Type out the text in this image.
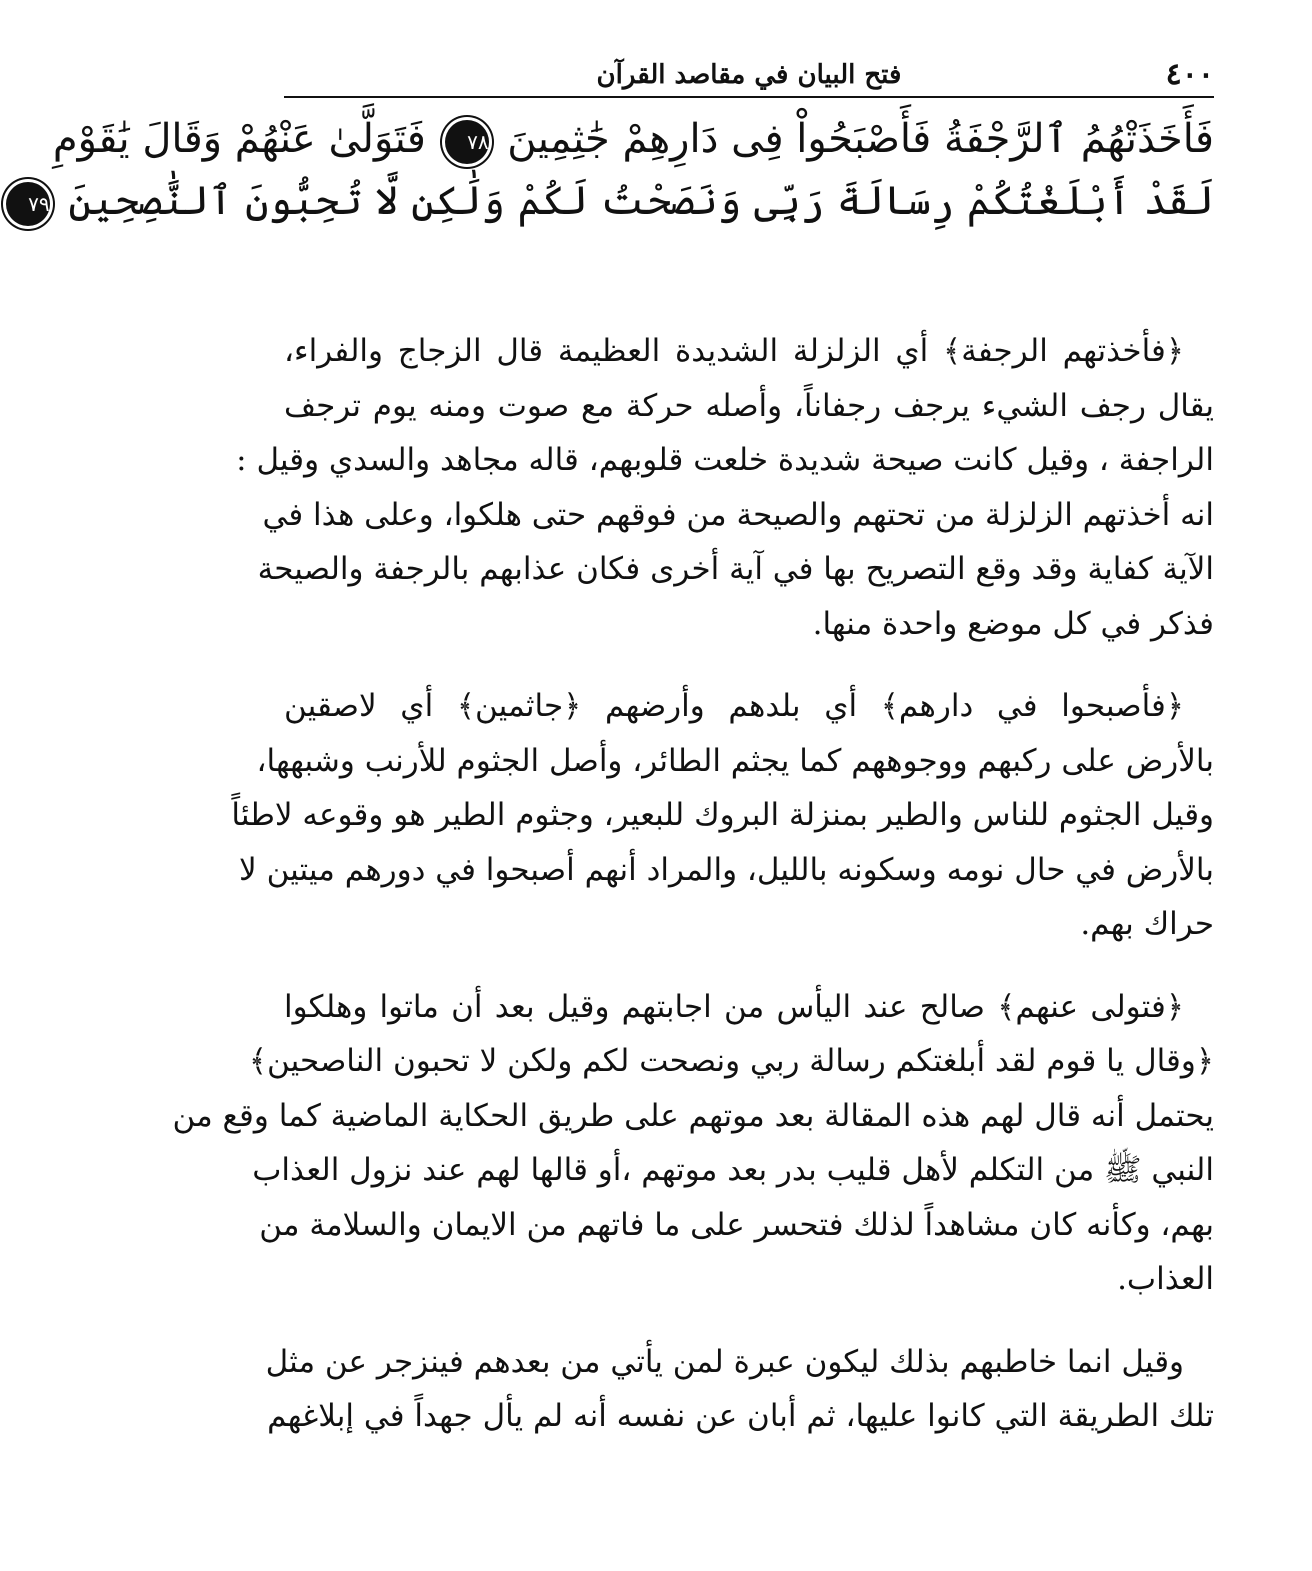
٤٠٠
فتح البيان في مقاصد القرآن
فَأَخَذَتْهُمُ ٱلرَّجْفَةُ فَأَصْبَحُواْ فِى دَارِهِمْ جَٰثِمِينَ ٧٨ فَتَوَلَّىٰ عَنْهُمْ وَقَالَ يَٰقَوْمِ
لَقَدْ أَبْلَغْتُكُمْ رِسَالَةَ رَبِّى وَنَصَحْتُ لَكُمْ وَلَٰكِن لَّا تُحِبُّونَ ٱلنَّٰصِحِينَ ٧٩
﴿فأخذتهم الرجفة﴾ أي الزلزلة الشديدة العظيمة قال الزجاج والفراء،
يقال رجف الشيء يرجف رجفاناً، وأصله حركة مع صوت ومنه يوم ترجف
الراجفة ، وقيل كانت صيحة شديدة خلعت قلوبهم، قاله مجاهد والسدي وقيل :
انه أخذتهم الزلزلة من تحتهم والصيحة من فوقهم حتى هلكوا، وعلى هذا في
الآية كفاية وقد وقع التصريح بها في آية أخرى فكان عذابهم بالرجفة والصيحة
فذكر في كل موضع واحدة منها.
﴿فأصبحوا في دارهم﴾ أي بلدهم وأرضهم ﴿جاثمين﴾ أي لاصقين
بالأرض على ركبهم ووجوههم كما يجثم الطائر، وأصل الجثوم للأرنب وشبهها،
وقيل الجثوم للناس والطير بمنزلة البروك للبعير، وجثوم الطير هو وقوعه لاطئاً
بالأرض في حال نومه وسكونه بالليل، والمراد أنهم أصبحوا في دورهم ميتين لا
حراك بهم.
﴿فتولى عنهم﴾ صالح عند اليأس من اجابتهم وقيل بعد أن ماتوا وهلكوا
﴿وقال يا قوم لقد أبلغتكم رسالة ربي ونصحت لكم ولكن لا تحبون الناصحين﴾
يحتمل أنه قال لهم هذه المقالة بعد موتهم على طريق الحكاية الماضية كما وقع من
النبي ﷺ من التكلم لأهل قليب بدر بعد موتهم ،أو قالها لهم عند نزول العذاب
بهم، وكأنه كان مشاهداً لذلك فتحسر على ما فاتهم من الايمان والسلامة من
العذاب.
وقيل انما خاطبهم بذلك ليكون عبرة لمن يأتي من بعدهم فينزجر عن مثل
تلك الطريقة التي كانوا عليها، ثم أبان عن نفسه أنه لم يأل جهداً في إبلاغهم
